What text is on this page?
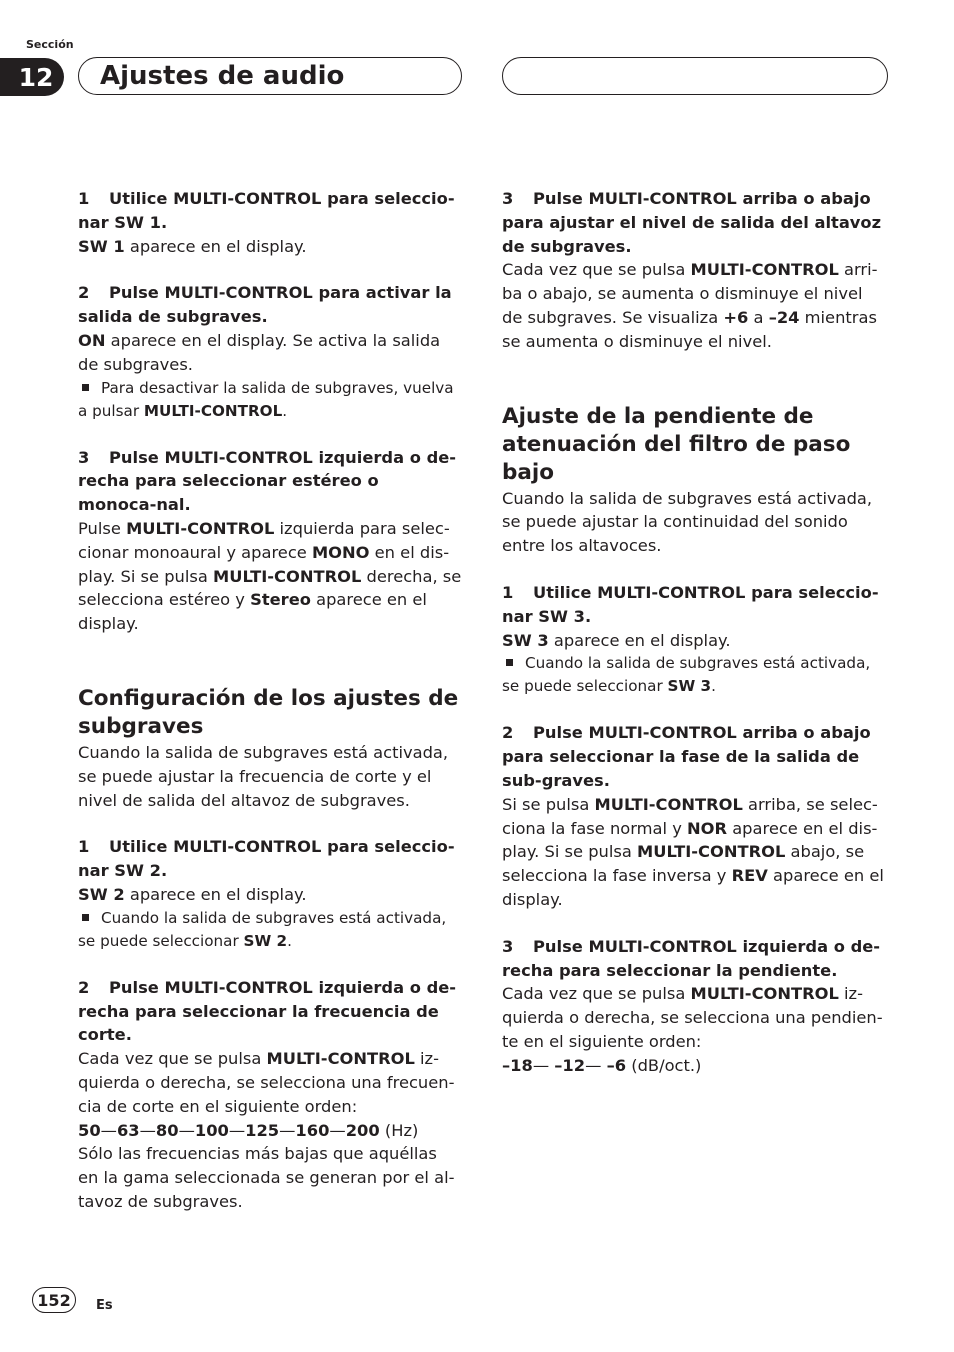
Sección
12	Ajustes de audio

1 Utilice MULTI-CONTROL para seleccio-nar SW 1.

SW 1 aparece en el display.

2 Pulse MULTI-CONTROL para activar la salida de subgraves.

ON aparece en el display. Se activa la salida de subgraves.

Para desactivar la salida de subgraves, vuelva a pulsar MULTI-CONTROL.

3 Pulse MULTI-CONTROL izquierda o de-recha para seleccionar estéreo o monoca-nal.

Pulse MULTI-CONTROL izquierda para selec-cionar monoaural y aparece MONO en el dis-play. Si se pulsa MULTI-CONTROL derecha, se selecciona estéreo y Stereo aparece en el display.

Configuración de los ajustes de subgraves

Cuando la salida de subgraves está activada, se puede ajustar la frecuencia de corte y el nivel de salida del altavoz de subgraves.

1 Utilice MULTI-CONTROL para seleccio-nar SW 2.

SW 2 aparece en el display.

Cuando la salida de subgraves está activada, se puede seleccionar SW 2.

2 Pulse MULTI-CONTROL izquierda o de-recha para seleccionar la frecuencia de corte.

Cada vez que se pulsa MULTI-CONTROL iz-quierda o derecha, se selecciona una frecuen-cia de corte en el siguiente orden:

50—63—80—100—125—160—200 (Hz)

Sólo las frecuencias más bajas que aquéllas en la gama seleccionada se generan por el al-tavoz de subgraves.

3 Pulse MULTI-CONTROL arriba o abajo para ajustar el nivel de salida del altavoz de subgraves.

Cada vez que se pulsa MULTI-CONTROL arri-ba o abajo, se aumenta o disminuye el nivel de subgraves. Se visualiza +6 a –24 mientras se aumenta o disminuye el nivel.

Ajuste de la pendiente de atenuación del filtro de paso bajo

Cuando la salida de subgraves está activada, se puede ajustar la continuidad del sonido entre los altavoces.

1 Utilice MULTI-CONTROL para seleccio-nar SW 3.

SW 3 aparece en el display.

Cuando la salida de subgraves está activada, se puede seleccionar SW 3.

2 Pulse MULTI-CONTROL arriba o abajo para seleccionar la fase de la salida de sub-graves.

Si se pulsa MULTI-CONTROL arriba, se selec-ciona la fase normal y NOR aparece en el dis-play. Si se pulsa MULTI-CONTROL abajo, se selecciona la fase inversa y REV aparece en el display.

3 Pulse MULTI-CONTROL izquierda o de-recha para seleccionar la pendiente.

Cada vez que se pulsa MULTI-CONTROL iz-quierda o derecha, se selecciona una pendien-te en el siguiente orden:

–18— –12— –6 (dB/oct.)

152	Es
